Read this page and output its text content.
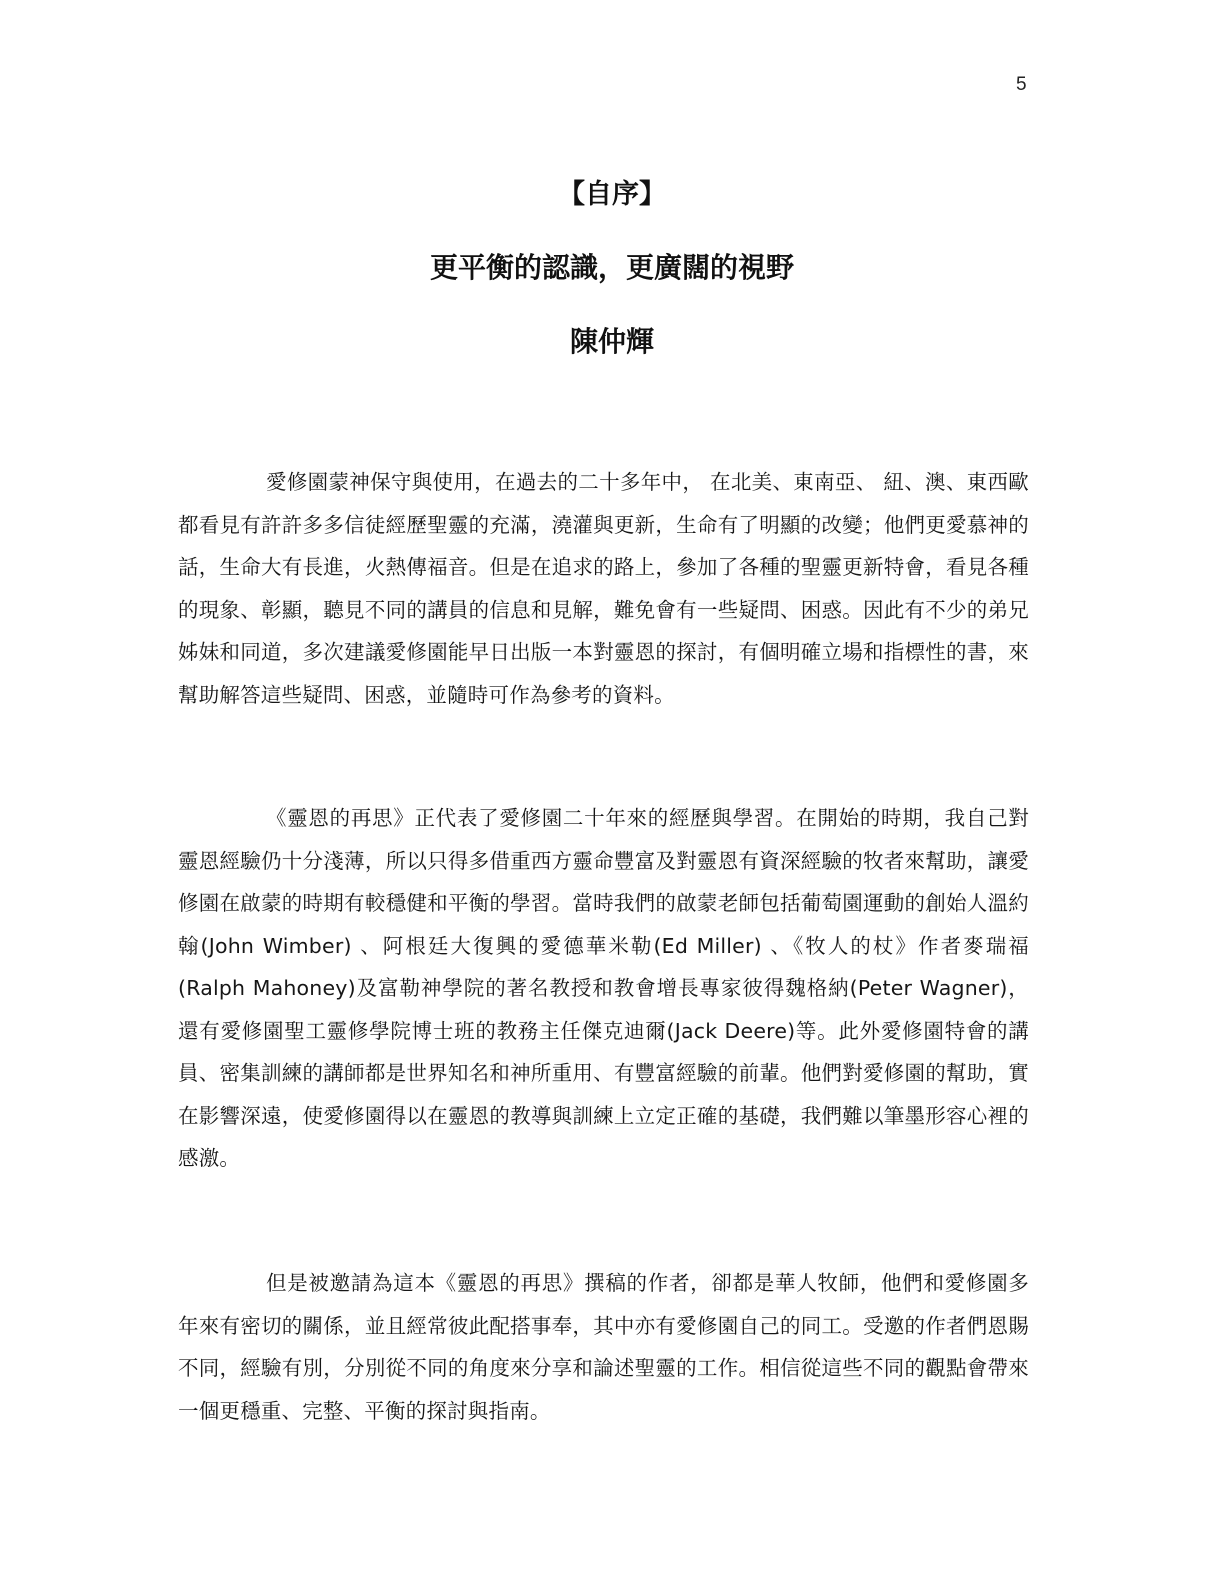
5
【自序】
更平衡的認識，更廣闊的視野
陳仲輝

愛修園蒙神保守與使用，在過去的二十多年中， 在北美、東南亞、 紐、澳、東西歐都看見有許許多多信徒經歷聖靈的充滿，澆灌與更新，生命有了明顯的改變；他們更愛慕神的話，生命大有長進，火熱傳福音。但是在追求的路上，參加了各種的聖靈更新特會，看見各種的現象、彰顯，聽見不同的講員的信息和見解，難免會有一些疑問、困惑。因此有不少的弟兄姊妹和同道，多次建議愛修園能早日出版一本對靈恩的探討，有個明確立場和指標性的書，來幫助解答這些疑問、困惑，並隨時可作為參考的資料。

《靈恩的再思》正代表了愛修園二十年來的經歷與學習。在開始的時期，我自己對靈恩經驗仍十分淺薄，所以只得多借重西方靈命豐富及對靈恩有資深經驗的牧者來幫助，讓愛修園在啟蒙的時期有較穩健和平衡的學習。當時我們的啟蒙老師包括葡萄園運動的創始人溫約翰(John Wimber) 、阿根廷大復興的愛德華米勒(Ed Miller) 、《牧人的杖》作者麥瑞福(Ralph Mahoney)及富勒神學院的著名教授和教會增長專家彼得魏格納(Peter Wagner)，還有愛修園聖工靈修學院博士班的教務主任傑克迪爾(Jack Deere)等。此外愛修園特會的講員、密集訓練的講師都是世界知名和神所重用、有豐富經驗的前輩。他們對愛修園的幫助，實在影響深遠，使愛修園得以在靈恩的教導與訓練上立定正確的基礎，我們難以筆墨形容心裡的感激。

但是被邀請為這本《靈恩的再思》撰稿的作者，卻都是華人牧師，他們和愛修園多年來有密切的關係，並且經常彼此配搭事奉，其中亦有愛修園自己的同工。受邀的作者們恩賜不同，經驗有別，分別從不同的角度來分享和論述聖靈的工作。相信從這些不同的觀點會帶來一個更穩重、完整、平衡的探討與指南。
